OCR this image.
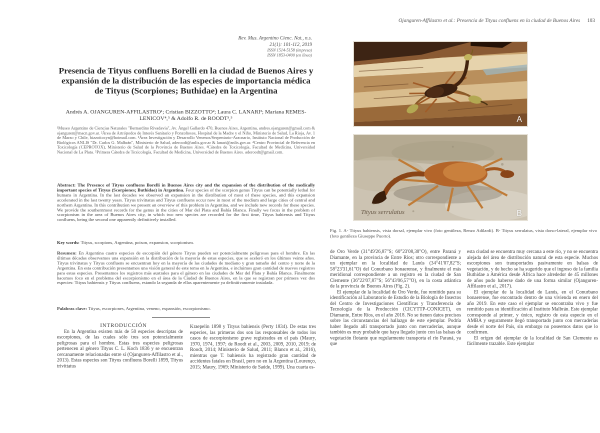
Ojanguren-Affilastro et al.: Presencia de Tityus confluens en la ciudad de Buenos Aires 103
Rev. Mus. Argentino Cienc. Nat., n.s.
21(1): 101-112, 2019
ISSN 1514-5158 (impresa)
ISSN 1853-0400 (en línea)
Presencia de Tityus confluens Borelli en la ciudad de Buenos Aires y expansión de la distribución de las especies de importancia médica de Tityus (Scorpiones; Buthidae) en la Argentina
Andrés A. OJANGUREN-AFFILASTRO¹; Cristian BIZZOTTO²; Laura C. LANARI³; Mariana REMES-LENICOV⁴,⁵ & Adolfo R. de ROODT³,⁵
¹Museo Argentino de Ciencias Naturales "Bernardino Rivadavia", Av. Ángel Gallardo 470, Buenos Aires, Argentina, andres.ojanguren@gmail.com & ojanguren@macn.gov.ar. ²Área de Artrópodos de Interés Sanitario y Ponzoñosos, Hospital de la Madre y el Niño, Ministerio de Salud, La Rioja, Av. 1 de Marzo y Chile, bizzottocyn@hotmail.com. ³Área Investigación y Desarrollo Venenos/Serpentario-Aracnario, Instituto Nacional de Producción de Biológicos ANLIS "Dr. Carlos G. Malbrán", Ministerio de Salud, aderoodt@anlis.gov.ar & lanari@anlis.gov.ar. ⁴Centro Provincial de Referencia en Toxicología (CEPROTOX), Ministerio de Salud de la Provincia de Buenos Aires. ⁴Cátedra de Toxicología, Facultad de Medicina, Universidad Nacional de La Plata. ⁵Primera Cátedra de Toxicología, Facultad de Medicina, Universidad de Buenos Aires. aderoodt@gmail.com.
Abstract: The Presence of Tityus confluens Borelli in Buenos Aires city and the expansion of the distribution of the medically important species of Tityus (Scorpiones; Buthidae) in Argentina. Four species of the scorpion genus Tityus can be potentially lethal for humans in Argentina. In the last decades we observed an expansion in the distribution of most of these species, and this expansion accelerated in the last twenty years. Tityus trivittatus and Tityus confluens occur now in most of the medium and large cities of central and northern Argentina. In this contribution we present an overview of this problem in Argentina, and we include new records for these species. We provide the southernmost records for the genus in the cities of Mar del Plata and Bahía Blanca. Finally we focus in the problem of scorpionism in the area of Buenos Aires city, in which two new species are recorded for the first time, Tityus bahiensis and Tityus confluens, being the second one apparently definitively installed.
Key words: Tityus, scorpions, Argentina, poison, expansion, scorpionism.
Resumen: En Argentina cuatro especies de escorpión del género Tityus pueden ser potencialmente peligrosas para el hombre. En las últimas décadas observamos una expansión en la distribución de la mayoría de estas especies, que se aceleró en los últimos veinte años. Tityus trivittatus y Tityus confluens se encuentran hoy en la mayoría de las ciudades de mediano y gran tamaño del centro y norte de la Argentina. En esta contribución presentamos una visión general de este tema en la Argentina, e incluimos gran cantidad de nuevos registros para estas especies. Presentamos los registros más australes para el género en las ciudades de Mar del Plata y Bahía Blanca. Finalmente hacemos foco en el problema del escorpionismo en el área de la Ciudad de Buenos Aires, en la que se registran por primera vez dos especies: Tityus bahiensis y Tityus confluens, estando la segunda de ellas aparentemente ya definitivamente instalada.
Palabras clave: Tityus, escorpiones, Argentina, veneno, expansión, escorpionismo.

INTRODUCCIÓN

En la Argentina existen más de 50 especies descriptas de escorpiones, de las cuales sólo tres son potencialmente peligrosas para el hombre. Estas tres especies peligrosas pertenecen al género Tityus C. L. Koch 1836 y se encuentran cercanamente relacionadas entre sí (Ojanguren-Affilastro et al., 2013). Estas especies son Tityus confluens Borelli 1899, Tityus trivittatus

Kraepelin 1898 y Tityus bahiensis (Perty 1834). De estas tres especies, las primeras dos son las responsables de todos los casos de escorpionismo grave registrados en el país (Maury, 1970, 1974, 1997; de Roodt et al., 2003, 2009, 2010, 2019; de Roodt, 2014; Ministerio de Salud, 2011; Blanco et al., 2016), mientras que T. bahiensis ha registrado gran cantidad de accidentes fatales en Brasil, pero no en la Argentina (Lourenço, 2015; Maury, 1969; Ministerio de Saúde, 1999). Una cuarta es-

A
Tityus serrulatus	B
Fig. 1. A- Tityus bahiensis, vista dorsal, ejemplar vivo (foto gentileza, Renzo Adilardi). B- Tityus serrulatus, vista dorso-lateral, ejemplar vivo (foto gentileza Giuseppe Puorto).

de Oro Verde (31°49'26,87"S; 60°23'08,30"O), entre Paraná y Diamante, en la provincia de Entre Ríos; otro correspondiente a un ejemplar en la localidad de Lanús (34°41'07,82"S; 58°23'31,61"O) del Conurbano bonaerense, y finalmente el más meridional correspondiente a un registro en la ciudad de San Clemente (36°22'07,87"S; 56°43'06,57"O), en la costa atlántica de la provincia de Buenos Aires (Fig. 2).

El ejemplar de la localidad de Oro Verde, fue remitido para su identificación al Laboratorio de Estudio de la Biología de Insectos del Centro de Investigaciones Científicas y Transferencia de Tecnología de la Producción (CICYTTP-CONICET), en Diamante, Entre Ríos, en el año 2018. No se tienen datos precisos sobre las circunstancias del hallazgo de este ejemplar. Podría haber llegado allí transportado junto con mercaderías, aunque también es muy probable que haya llegado junto con las balsas de vegetación flotante que regularmente transporta el río Paraná, ya que

esta ciudad se encuentra muy cercana a este río, y no se encuentra alejada del área de distribución natural de esta especie. Muchos escorpiones son transportados pasivamente en balsas de vegetación, y de hecho se ha sugerido que el ingreso de la familia Buthidae a América desde África hace alrededor de 45 millones de años pudo haberse dado de una forma similar (Ojanguren-Affilastro et al., 2017).

El ejemplar de la localidad de Lanús, en el Conurbano bonaerense, fue encontrado dentro de una vivienda en enero del año 2019. En este caso el ejemplar se encontraba vivo y fue remitido para su identificación al Instituto Malbrán. Este ejemplar corresponde al primer, y único, registro de esta especie en el AMBA y seguramente llegó transportado junto con mercaderías desde el norte del País, sin embargo no poseemos datos que lo confirmen.

El origen del ejemplar de la localidad de San Clemente es fácilmente trazable. Este ejemplar
